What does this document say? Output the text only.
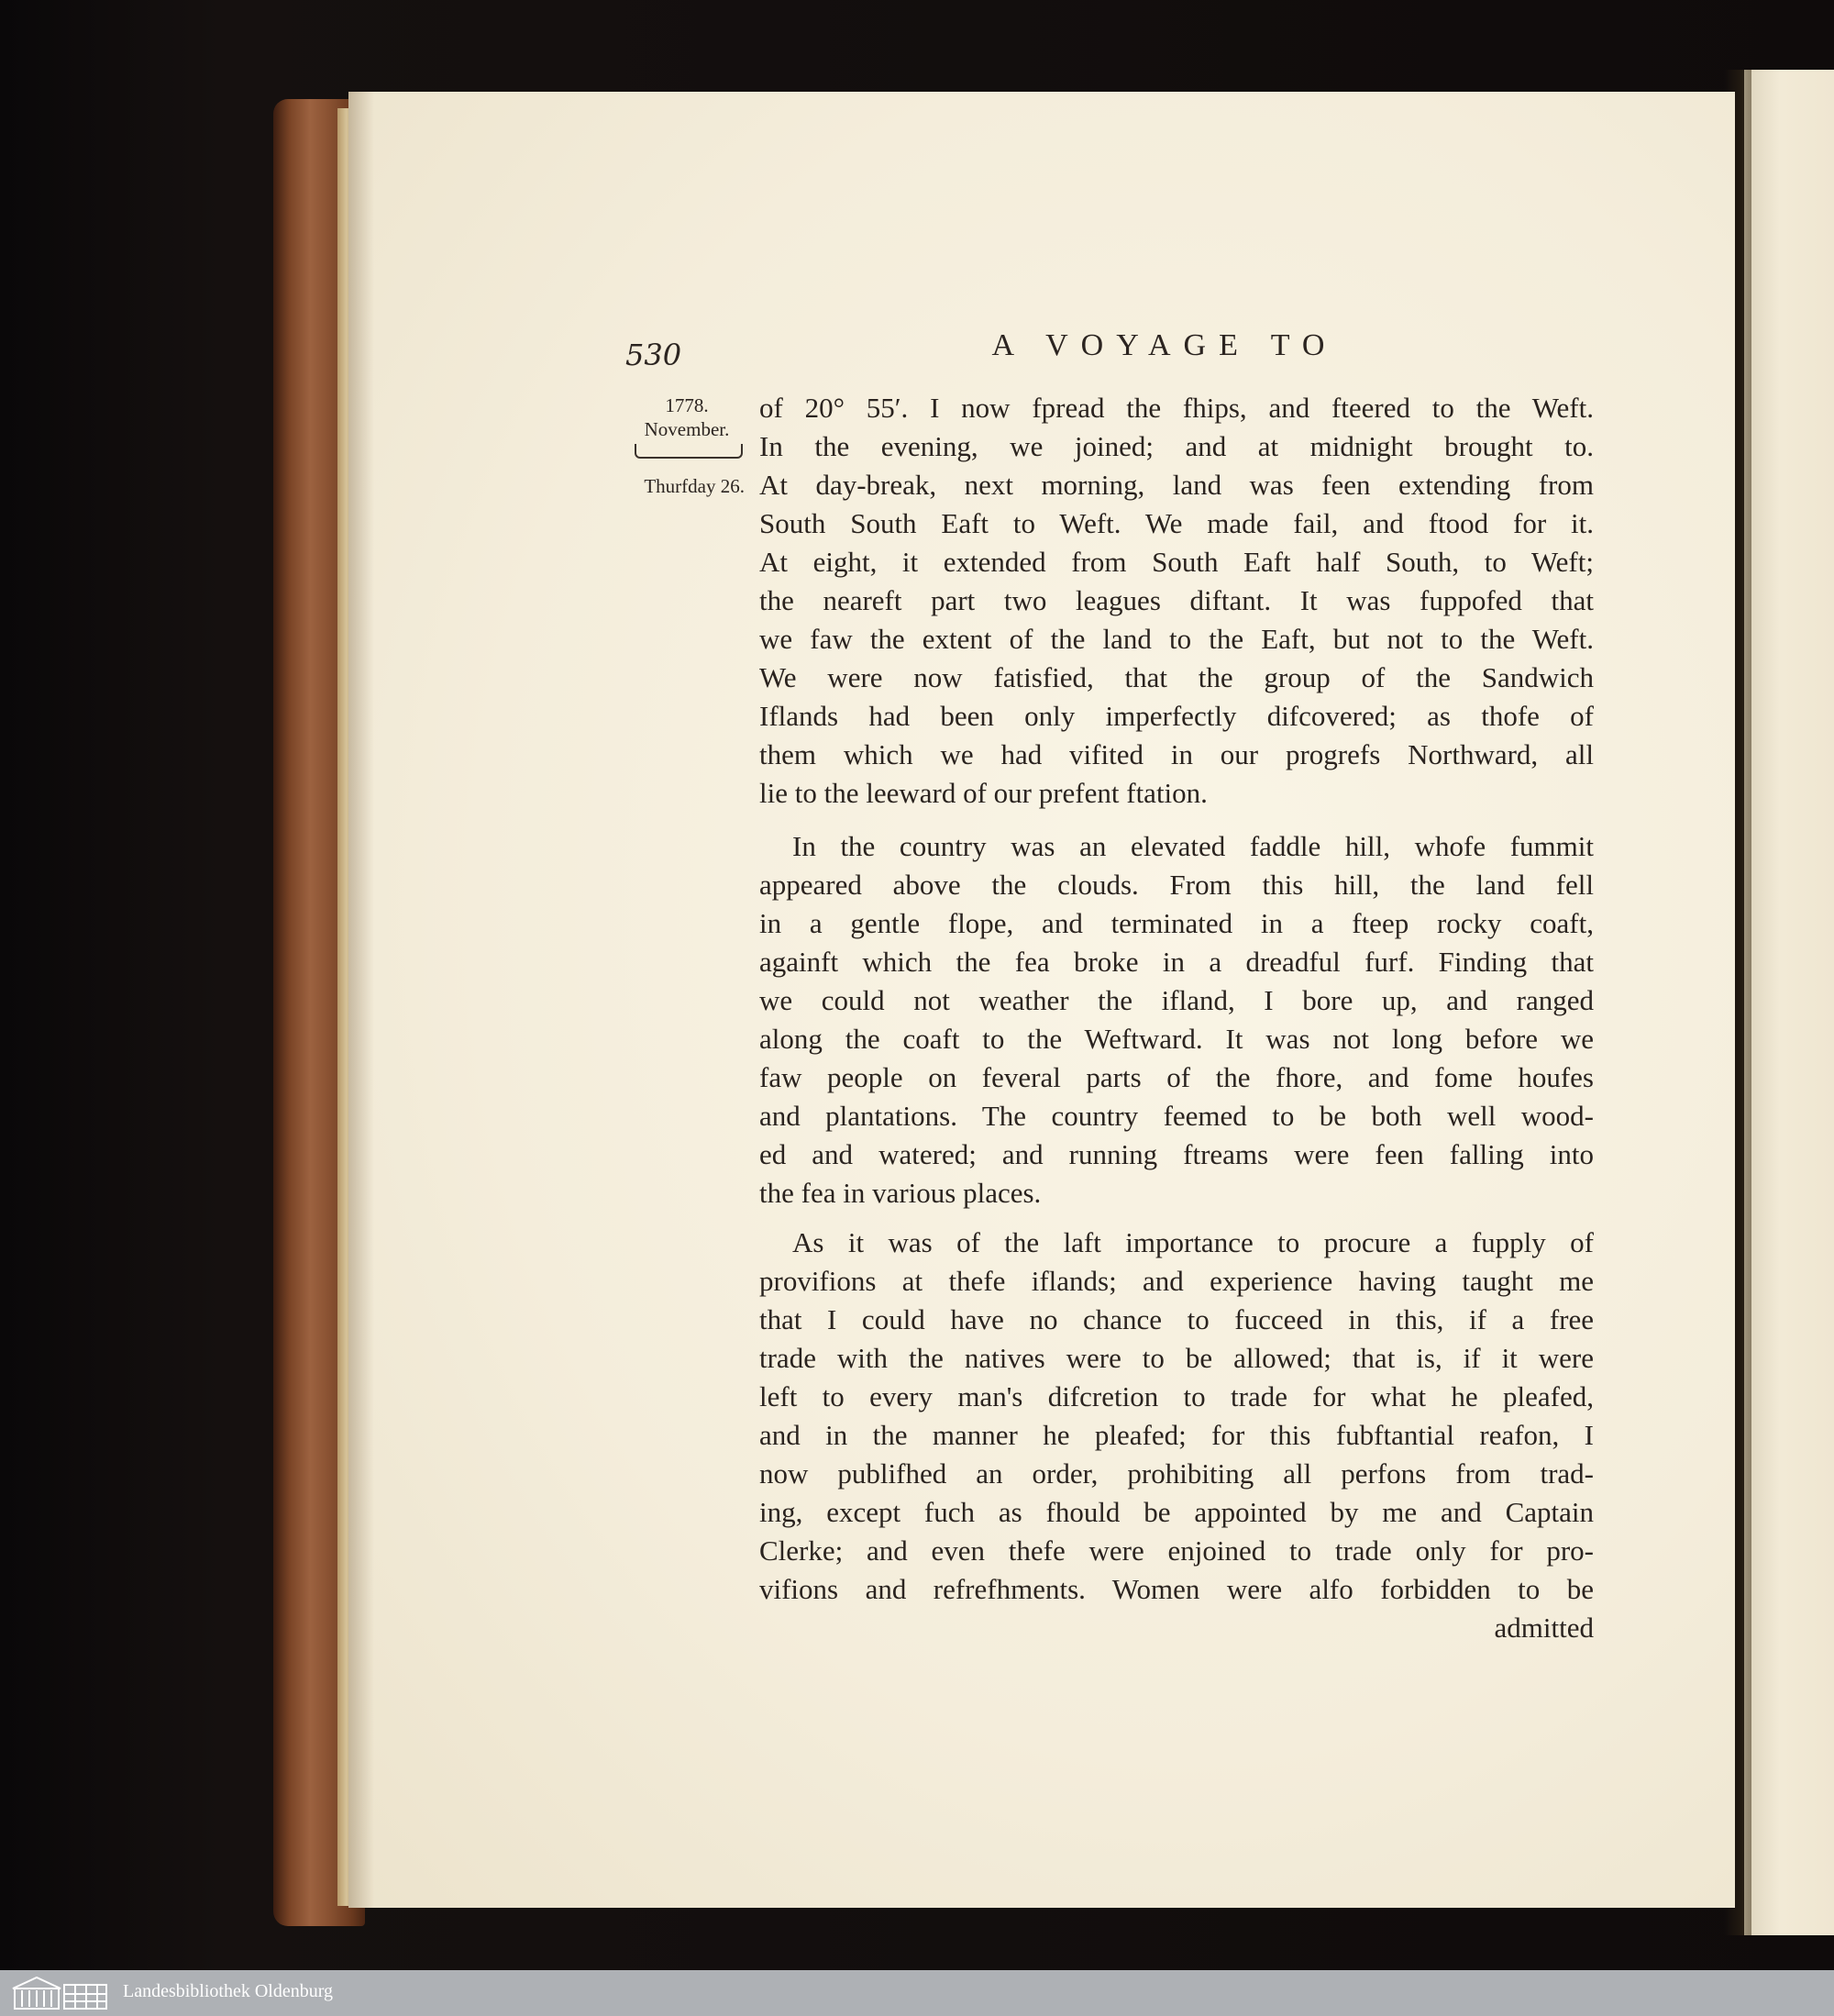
530	A VOYAGE TO
1778.
November.
Thurfday 26.
of 20° 55′. I now fpread the fhips, and fteered to the Weft.
In the evening, we joined; and at midnight brought to.
At day-break, next morning, land was feen extending from
South South Eaft to Weft. We made fail, and ftood for it.
At eight, it extended from South Eaft half South, to Weft;
the neareft part two leagues diftant. It was fuppofed that
we faw the extent of the land to the Eaft, but not to the Weft.
We were now fatisfied, that the group of the Sandwich
Iflands had been only imperfectly difcovered; as thofe of
them which we had vifited in our progrefs Northward, all
lie to the leeward of our prefent ftation.
In the country was an elevated faddle hill, whofe fummit
appeared above the clouds. From this hill, the land fell
in a gentle flope, and terminated in a fteep rocky coaft,
againft which the fea broke in a dreadful furf. Finding that
we could not weather the ifland, I bore up, and ranged
along the coaft to the Weftward. It was not long before we
faw people on feveral parts of the fhore, and fome houfes
and plantations. The country feemed to be both well wood-
ed and watered; and running ftreams were feen falling into
the fea in various places.
As it was of the laft importance to procure a fupply of
provifions at thefe iflands; and experience having taught me
that I could have no chance to fucceed in this, if a free
trade with the natives were to be allowed; that is, if it were
left to every man's difcretion to trade for what he pleafed,
and in the manner he pleafed; for this fubftantial reafon, I
now publifhed an order, prohibiting all perfons from trad-
ing, except fuch as fhould be appointed by me and Captain
Clerke; and even thefe were enjoined to trade only for pro-
vifions and refrefhments. Women were alfo forbidden to be
admitted
Landesbibliothek Oldenburg
